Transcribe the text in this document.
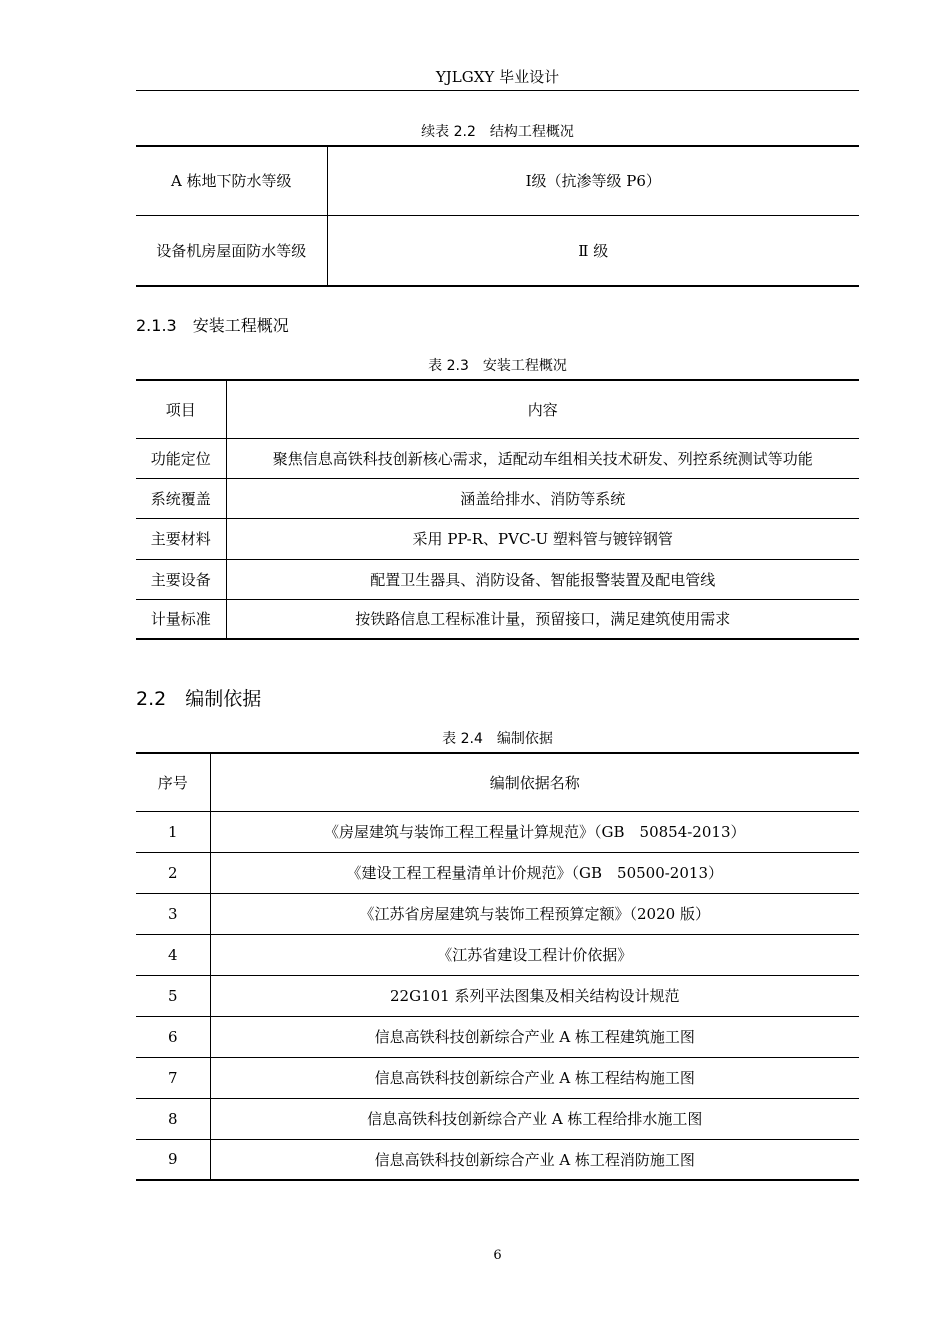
YJLGXY 毕业设计
续表 2.2　结构工程概况
A 栋地下防水等级	Ⅰ级（抗渗等级 P6）
设备机房屋面防水等级	Ⅱ 级
2.1.3　安装工程概况
表 2.3　安装工程概况
项目	内容
功能定位	聚焦信息高铁科技创新核心需求，适配动车组相关技术研发、列控系统测试等功能
系统覆盖	涵盖给排水、消防等系统
主要材料	采用 PP-R、PVC-U 塑料管与镀锌钢管
主要设备	配置卫生器具、消防设备、智能报警装置及配电管线
计量标准	按铁路信息工程标准计量，预留接口，满足建筑使用需求
2.2　编制依据
表 2.4　编制依据
序号	编制依据名称
1	《房屋建筑与装饰工程工程量计算规范》（GB　50854-2013）
2	《建设工程工程量清单计价规范》（GB　50500-2013）
3	《江苏省房屋建筑与装饰工程预算定额》（2020 版）
4	《江苏省建设工程计价依据》
5	22G101 系列平法图集及相关结构设计规范
6	信息高铁科技创新综合产业 A 栋工程建筑施工图
7	信息高铁科技创新综合产业 A 栋工程结构施工图
8	信息高铁科技创新综合产业 A 栋工程给排水施工图
9	信息高铁科技创新综合产业 A 栋工程消防施工图
6
